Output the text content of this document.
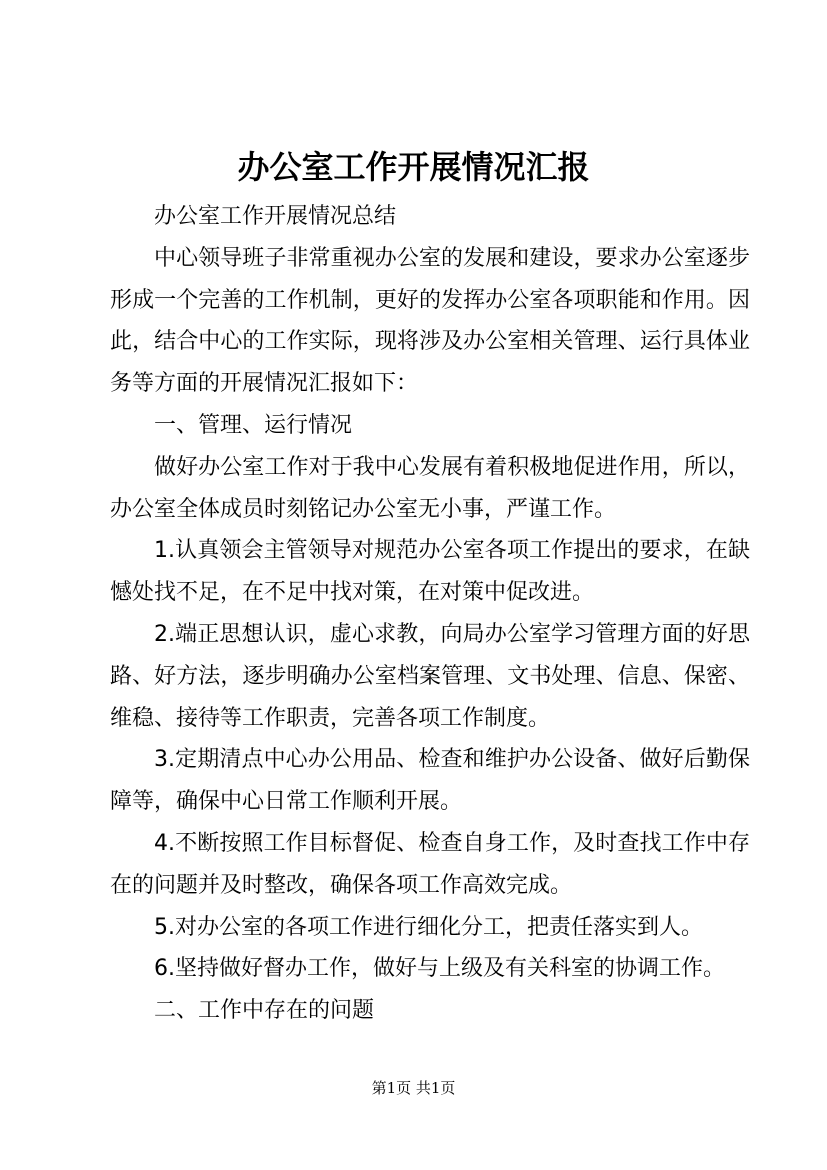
办公室工作开展情况汇报

办公室工作开展情况总结

中心领导班子非常重视办公室的发展和建设，要求办公室逐步形成一个完善的工作机制，更好的发挥办公室各项职能和作用。因此，结合中心的工作实际，现将涉及办公室相关管理、运行具体业务等方面的开展情况汇报如下：

一、管理、运行情况

做好办公室工作对于我中心发展有着积极地促进作用，所以，办公室全体成员时刻铭记办公室无小事，严谨工作。

1.认真领会主管领导对规范办公室各项工作提出的要求，在缺憾处找不足，在不足中找对策，在对策中促改进。

2.端正思想认识，虚心求教，向局办公室学习管理方面的好思路、好方法，逐步明确办公室档案管理、文书处理、信息、保密、维稳、接待等工作职责，完善各项工作制度。

3.定期清点中心办公用品、检查和维护办公设备、做好后勤保障等，确保中心日常工作顺利开展。

4.不断按照工作目标督促、检查自身工作，及时查找工作中存在的问题并及时整改，确保各项工作高效完成。

5.对办公室的各项工作进行细化分工，把责任落实到人。

6.坚持做好督办工作，做好与上级及有关科室的协调工作。

二、工作中存在的问题

第1页 共1页
